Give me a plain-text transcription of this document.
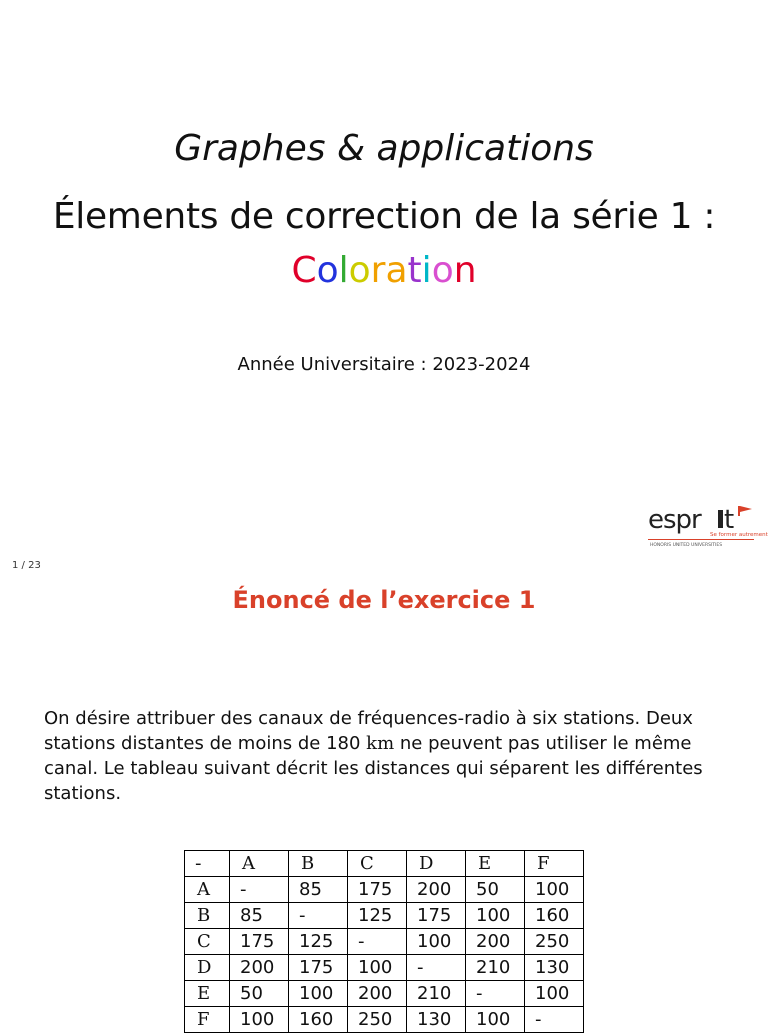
Graphes & applications
Élements de correction de la série 1 :
Coloration
Année Universitaire : 2023-2024
espr t
Se former autrement
HONORIS UNITED UNIVERSITIES
1 / 23
Énoncé de l’exercice 1
On désire attribuer des canaux de fréquences-radio à six stations. Deux stations distantes de moins de 180 km ne peuvent pas utiliser le même canal. Le tableau suivant décrit les distances qui séparent les différentes stations.
-	A	B	C	D	E	F
A	-	85	175	200	50	100
B	85	-	125	175	100	160
C	175	125	-	100	200	250
D	200	175	100	-	210	130
E	50	100	200	210	-	100
F	100	160	250	130	100	-
